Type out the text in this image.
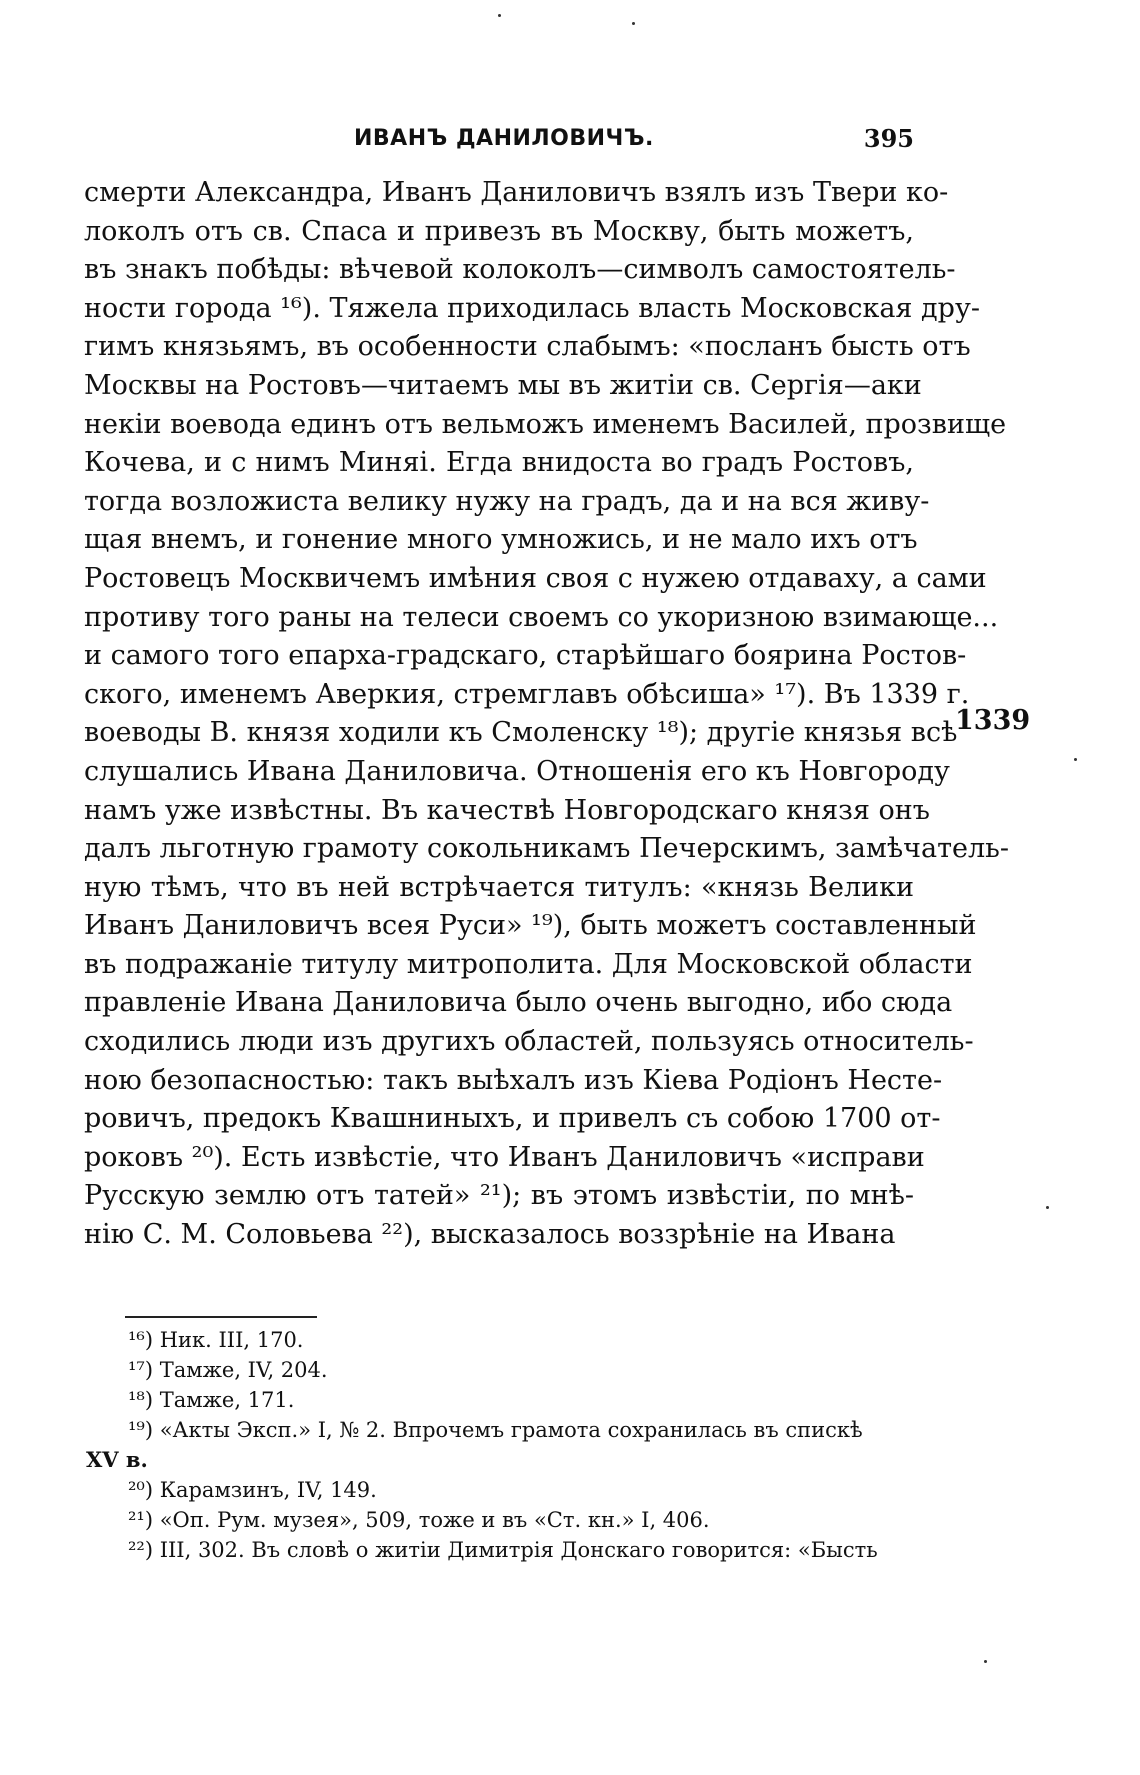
ИВАНЪ ДАНИЛОВИЧЪ.	395
смерти Александра, Иванъ Даниловичъ взялъ изъ Твери ко-
локолъ отъ св. Спаса и привезъ въ Москву, быть можетъ,
въ знакъ побѣды: вѣчевой колоколъ—символъ самостоятель-
ности города ¹⁶). Тяжела приходилась власть Московская дру-
гимъ князьямъ, въ особенности слабымъ: «посланъ бысть отъ
Москвы на Ростовъ—читаемъ мы въ житіи св. Сергія—аки
некіи воевода единъ отъ вельможъ именемъ Василей, прозвище
Кочева, и с нимъ Миняі. Егда внидоста во градъ Ростовъ,
тогда возложиста велику нужу на градъ, да и на вся живу-
щая внемъ, и гонение много умножись, и не мало ихъ отъ
Ростовецъ Москвичемъ имѣния своя с нужею отдаваху, а сами
противу того раны на телеси своемъ со укоризною взимающе...
и самого того епарха-градскаго, старѣйшаго боярина Ростов-
ского, именемъ Аверкия, стремглавъ обѣсиша» ¹⁷). Въ 1339 г.
воеводы В. князя ходили къ Смоленску ¹⁸); другіе князья всѣ
слушались Ивана Даниловича. Отношенія его къ Новгороду
намъ уже извѣстны. Въ качествѣ Новгородскаго князя онъ
далъ льготную грамоту сокольникамъ Печерскимъ, замѣчатель-
ную тѣмъ, что въ ней встрѣчается титулъ: «князь Велики
Иванъ Даниловичъ всея Руси» ¹⁹), быть можетъ составленный
въ подражаніе титулу митрополита. Для Московской области
правленіе Ивана Даниловича было очень выгодно, ибо сюда
сходились люди изъ другихъ областей, пользуясь относитель-
ною безопасностью: такъ выѣхалъ изъ Кіева Родіонъ Несте-
ровичъ, предокъ Квашниныхъ, и привелъ съ собою 1700 от-
роковъ ²⁰). Есть извѣстіе, что Иванъ Даниловичъ «исправи
Русскую землю отъ татей» ²¹); въ этомъ извѣстіи, по мнѣ-
нію С. М. Соловьева ²²), высказалось воззрѣніе на Ивана
1339
¹⁶) Ник. III, 170.
¹⁷) Тамже, IV, 204.
¹⁸) Тамже, 171.
¹⁹) «Акты Эксп.» I, № 2. Впрочемъ грамота сохранилась въ спискѣ
XV в.
²⁰) Карамзинъ, IV, 149.
²¹) «Оп. Рум. музея», 509, тоже и въ «Ст. кн.» I, 406.
²²) III, 302. Въ словѣ о житіи Димитрія Донскаго говорится: «Бысть
